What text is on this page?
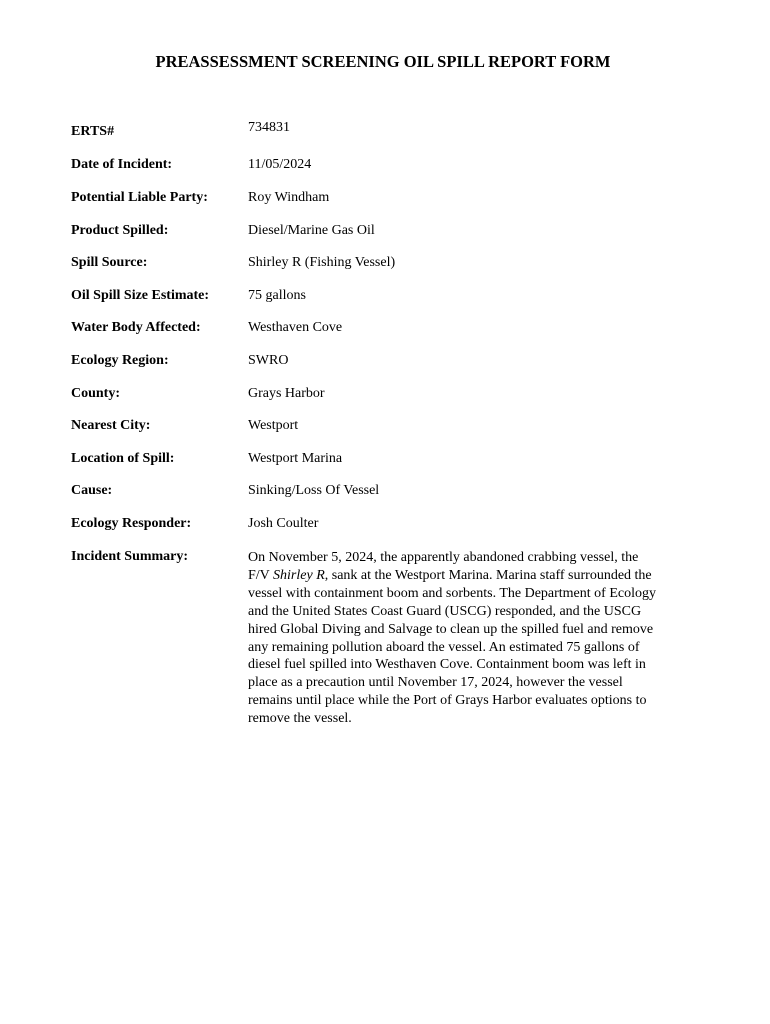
PREASSESSMENT SCREENING OIL SPILL REPORT FORM
ERTS#	734831
Date of Incident:	11/05/2024
Potential Liable Party:	Roy Windham
Product Spilled:	Diesel/Marine Gas Oil
Spill Source:	Shirley R (Fishing Vessel)
Oil Spill Size Estimate:	75 gallons
Water Body Affected:	Westhaven Cove
Ecology Region:	SWRO
County:	Grays Harbor
Nearest City:	Westport
Location of Spill:	Westport Marina
Cause:	Sinking/Loss Of Vessel
Ecology Responder:	Josh Coulter
Incident Summary:	On November 5, 2024, the apparently abandoned crabbing vessel, the
F/V Shirley R, sank at the Westport Marina. Marina staff surrounded the
vessel with containment boom and sorbents. The Department of Ecology
and the United States Coast Guard (USCG) responded, and the USCG
hired Global Diving and Salvage to clean up the spilled fuel and remove
any remaining pollution aboard the vessel. An estimated 75 gallons of
diesel fuel spilled into Westhaven Cove. Containment boom was left in
place as a precaution until November 17, 2024, however the vessel
remains until place while the Port of Grays Harbor evaluates options to
remove the vessel.
